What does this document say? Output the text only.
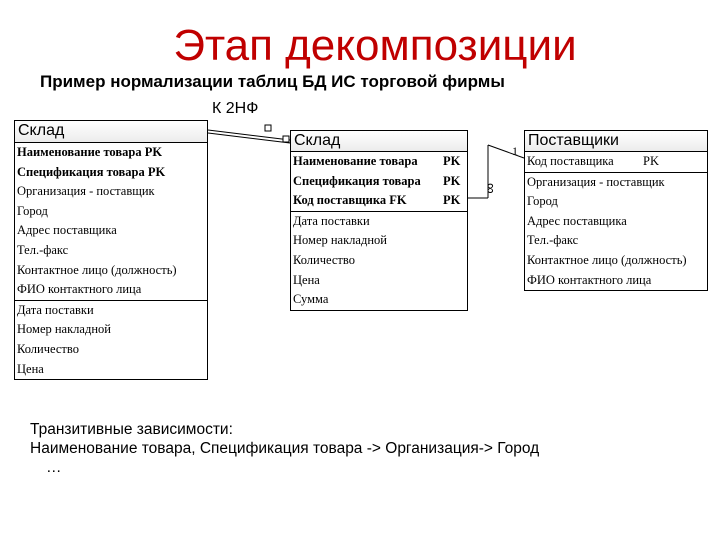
Этап декомпозиции
Пример нормализации таблиц БД ИС торговой фирмы
К 2НФ
1
∞
Склад
Наименование товара PK
Спецификация товара PK
Организация - поставщик
Город
Адрес поставщика
Тел.-факс
Контактное лицо (должность)
ФИО контактного лица
Дата поставки
Номер накладной
Количество
Цена
Склад
Наименование товара PK
Спецификация товара PK
Код поставщика FK	PK
Дата поставки
Номер накладной
Количество
Цена
Сумма
Поставщики
Код поставщика PK
Организация - поставщик
Город
Адрес поставщика
Тел.-факс
Контактное лицо (должность)
ФИО контактного лица
Транзитивные зависимости:
Наименование товара, Спецификация товара -> Организация-> Город
…
